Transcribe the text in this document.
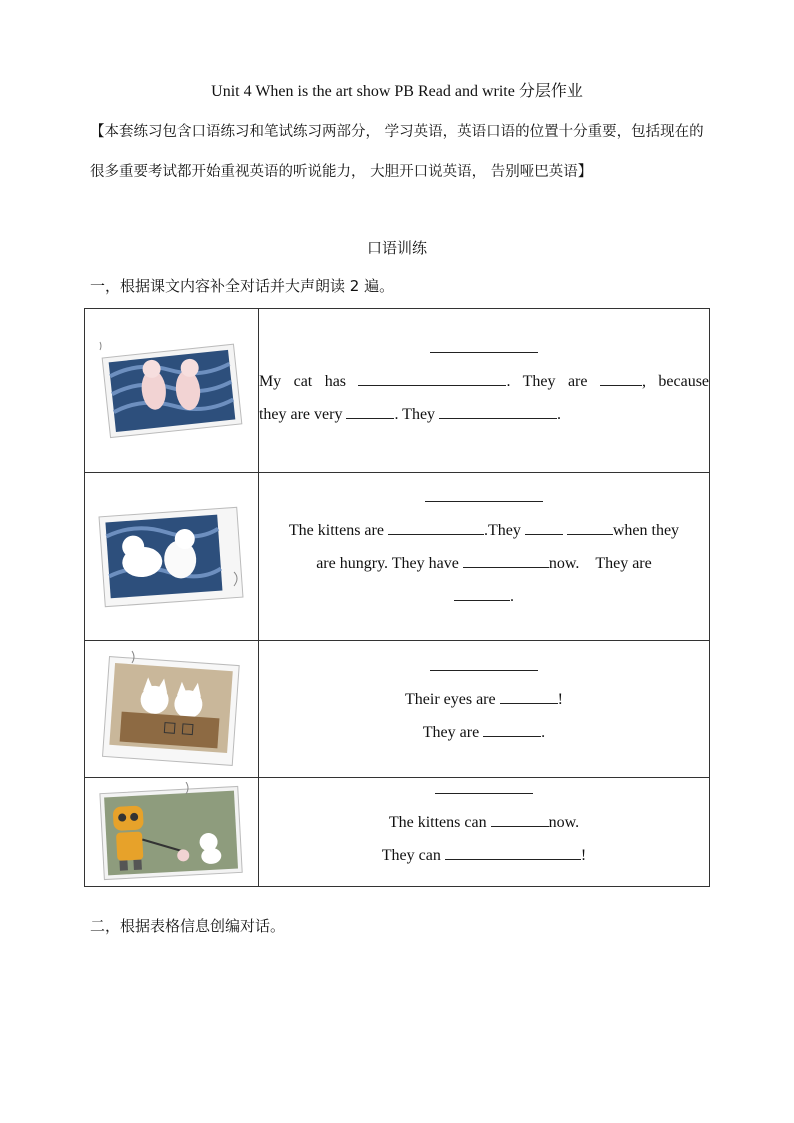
Unit 4 When is the art show PB Read and write 分层作业

【本套练习包含口语练习和笔试练习两部分， 学习英语，英语口语的位置十分重要，包括现在的很多重要考试都开始重视英语的听说能力， 大胆开口说英语， 告别哑巴英语】

口语训练
一，根据课文内容补全对话并大声朗读 2 遍。

My cat has . They are , because
they are very . They .

The kittens are .They when they
are hungry. They have now. They are
.

Their eyes are !
They are .

The kittens can now.
They can !
二，根据表格信息创编对话。
